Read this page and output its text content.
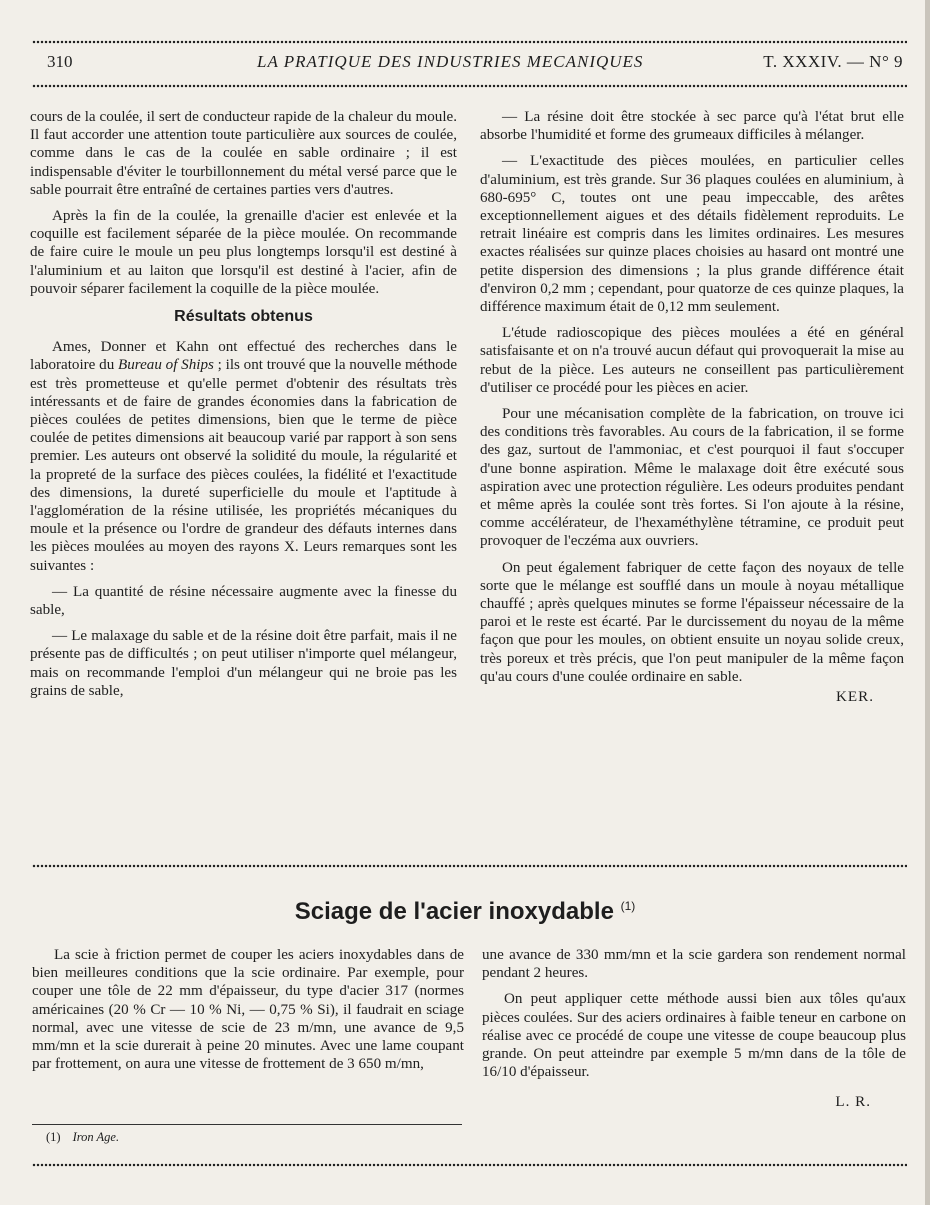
310	LA PRATIQUE DES INDUSTRIES MECANIQUES	T. XXXIV. — N° 9

cours de la coulée, il sert de conducteur rapide de la chaleur du moule. Il faut accorder une attention toute particulière aux sources de coulée, comme dans le cas de la coulée en sable ordinaire ; il est indispensable d'éviter le tourbillonnement du métal versé parce que le sable pourrait être entraîné de certaines parties vers d'autres.

Après la fin de la coulée, la grenaille d'acier est enlevée et la coquille est facilement séparée de la pièce moulée. On recommande de faire cuire le moule un peu plus longtemps lorsqu'il est destiné à l'aluminium et au laiton que lorsqu'il est destiné à l'acier, afin de pouvoir séparer facilement la coquille de la pièce moulée.

Résultats obtenus

Ames, Donner et Kahn ont effectué des recherches dans le laboratoire du Bureau of Ships ; ils ont trouvé que la nouvelle méthode est très prometteuse et qu'elle permet d'obtenir des résultats très intéressants et de faire de grandes économies dans la fabrication de pièces coulées de petites dimensions, bien que le terme de pièce coulée de petites dimensions ait beaucoup varié par rapport à son sens premier. Les auteurs ont observé la solidité du moule, la régularité et la propreté de la surface des pièces coulées, la fidélité et l'exactitude des dimensions, la dureté superficielle du moule et l'aptitude à l'agglomération de la résine utilisée, les propriétés mécaniques du moule et la présence ou l'ordre de grandeur des défauts internes dans les pièces moulées au moyen des rayons X. Leurs remarques sont les suivantes :

— La quantité de résine nécessaire augmente avec la finesse du sable,

— Le malaxage du sable et de la résine doit être parfait, mais il ne présente pas de difficultés ; on peut utiliser n'importe quel mélangeur, mais on recommande l'emploi d'un mélangeur qui ne broie pas les grains de sable,

— La résine doit être stockée à sec parce qu'à l'état brut elle absorbe l'humidité et forme des grumeaux difficiles à mélanger.

— L'exactitude des pièces moulées, en particulier celles d'aluminium, est très grande. Sur 36 plaques coulées en aluminium, à 680-695° C, toutes ont une peau impeccable, des arêtes exceptionnellement aigues et des détails fidèlement reproduits. Le retrait linéaire est compris dans les limites ordinaires. Les mesures exactes réalisées sur quinze places choisies au hasard ont montré une petite dispersion des dimensions ; la plus grande différence était d'environ 0,2 mm ; cependant, pour quatorze de ces quinze plaques, la différence maximum était de 0,12 mm seulement.

L'étude radioscopique des pièces moulées a été en général satisfaisante et on n'a trouvé aucun défaut qui provoquerait la mise au rebut de la pièce. Les auteurs ne conseillent pas particulièrement d'utiliser ce procédé pour les pièces en acier.

Pour une mécanisation complète de la fabrication, on trouve ici des conditions très favorables. Au cours de la fabrication, il se forme des gaz, surtout de l'ammoniac, et c'est pourquoi il faut s'occuper d'une bonne aspiration. Même le malaxage doit être exécuté sous aspiration avec une protection régulière. Les odeurs produites pendant et même après la coulée sont très fortes. Si l'on ajoute à la résine, comme accélérateur, de l'hexaméthylène tétramine, ce produit peut provoquer de l'eczéma aux ouvriers.

On peut également fabriquer de cette façon des noyaux de telle sorte que le mélange est soufflé dans un moule à noyau métallique chauffé ; après quelques minutes se forme l'épaisseur nécessaire de la paroi et le reste est écarté. Par le durcissement du noyau de la même façon que pour les moules, on obtient ensuite un noyau solide creux, très poreux et très précis, que l'on peut manipuler de la même façon qu'au cours d'une coulée ordinaire en sable.

KER.

Sciage de l'acier inoxydable $^{(1)}$

La scie à friction permet de couper les aciers inoxydables dans de bien meilleures conditions que la scie ordinaire. Par exemple, pour couper une tôle de 22 mm d'épaisseur, du type d'acier 317 (normes américaines (20 % Cr — 10 % Ni, — 0,75 % Si), il faudrait en sciage normal, avec une vitesse de scie de 23 m/mn, une avance de 9,5 mm/mn et la scie durerait à peine 20 minutes. Avec une lame coupant par frottement, on aura une vitesse de frottement de 3 650 m/mn,

une avance de 330 mm/mn et la scie gardera son rendement normal pendant 2 heures.

On peut appliquer cette méthode aussi bien aux tôles qu'aux pièces coulées. Sur des aciers ordinaires à faible teneur en carbone on réalise avec ce procédé de coupe une vitesse de coupe beaucoup plus grande. On peut atteindre par exemple 5 m/mn dans de la tôle de 16/10 d'épaisseur.

L. R.

(1) Iron Age.
